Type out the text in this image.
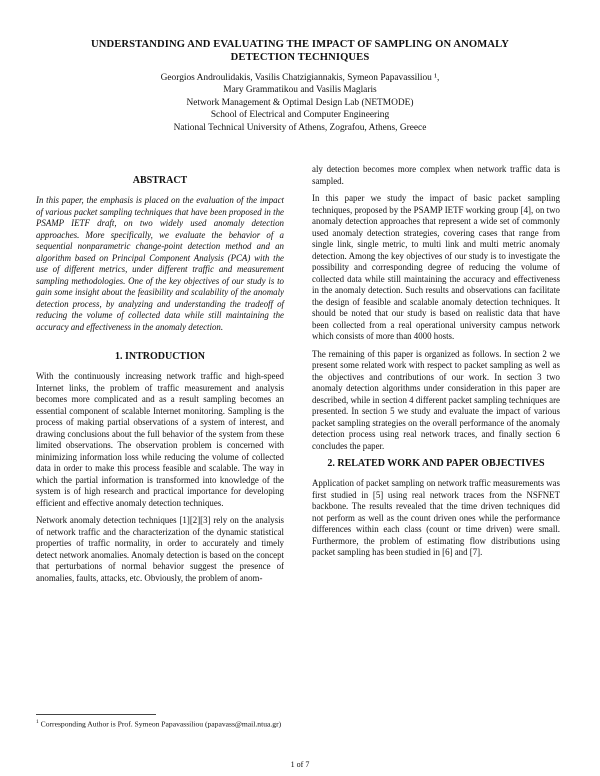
UNDERSTANDING AND EVALUATING THE IMPACT OF SAMPLING ON ANOMALY DETECTION TECHNIQUES
Georgios Androulidakis, Vasilis Chatzigiannakis, Symeon Papavassiliou ¹,
Mary Grammatikou and Vasilis Maglaris
Network Management & Optimal Design Lab (NETMODE)
School of Electrical and Computer Engineering
National Technical University of Athens, Zografou, Athens, Greece
ABSTRACT

In this paper, the emphasis is placed on the evaluation of the impact of various packet sampling techniques that have been proposed in the PSAMP IETF draft, on two widely used anomaly detection approaches. More specifically, we evaluate the behavior of a sequential nonparametric change-point detection method and an algorithm based on Principal Component Analysis (PCA) with the use of different metrics, under different traffic and measurement sampling methodologies. One of the key objectives of our study is to gain some insight about the feasibility and scalability of the anomaly detection process, by analyzing and understanding the tradeoff of reducing the volume of collected data while still maintaining the accuracy and effectiveness in the anomaly detection.

1. INTRODUCTION

With the continuously increasing network traffic and high-speed Internet links, the problem of traffic measurement and analysis becomes more complicated and as a result sampling becomes an essential component of scalable Internet monitoring. Sampling is the process of making partial observations of a system of interest, and drawing conclusions about the full behavior of the system from these limited observations. The observation problem is concerned with minimizing information loss while reducing the volume of collected data in order to make this process feasible and scalable. The way in which the partial information is transformed into knowledge of the system is of high research and practical importance for developing efficient and effective anomaly detection techniques.

Network anomaly detection techniques [1][2][3] rely on the analysis of network traffic and the characterization of the dynamic statistical properties of traffic normality, in order to accurately and timely detect network anomalies. Anomaly detection is based on the concept that perturbations of normal behavior suggest the presence of anomalies, faults, attacks, etc. Obviously, the problem of anom-

aly detection becomes more complex when network traffic data is sampled.

In this paper we study the impact of basic packet sampling techniques, proposed by the PSAMP IETF working group [4], on two anomaly detection approaches that represent a wide set of commonly used anomaly detection strategies, covering cases that range from single link, single metric, to multi link and multi metric anomaly detection. Among the key objectives of our study is to investigate the possibility and corresponding degree of reducing the volume of collected data while still maintaining the accuracy and effectiveness in the anomaly detection. Such results and observations can facilitate the design of feasible and scalable anomaly detection techniques. It should be noted that our study is based on realistic data that have been collected from a real operational university campus network which consists of more than 4000 hosts.

The remaining of this paper is organized as follows. In section 2 we present some related work with respect to packet sampling as well as the objectives and contributions of our work. In section 3 two anomaly detection algorithms under consideration in this paper are described, while in section 4 different packet sampling techniques are presented. In section 5 we study and evaluate the impact of various packet sampling strategies on the overall performance of the anomaly detection process using real network traces, and finally section 6 concludes the paper.

2. RELATED WORK AND PAPER OBJECTIVES

Application of packet sampling on network traffic measurements was first studied in [5] using real network traces from the NSFNET backbone. The results revealed that the time driven techniques did not perform as well as the count driven ones while the performance differences within each class (count or time driven) were small. Furthermore, the problem of estimating flow distributions using packet sampling has been studied in [6] and [7].

$^1$ Corresponding Author is Prof. Symeon Papavassiliou (papavass@mail.ntua.gr)
1 of 7
